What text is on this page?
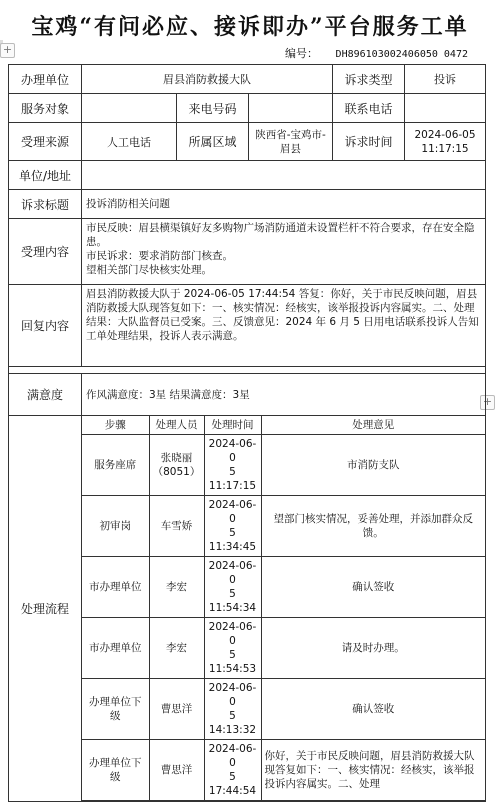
宝鸡“有问必应、接诉即办”平台服务工单
编号： DH896103002406050 0472
+
+
办理单位	眉县消防救援大队	诉求类型	投诉
服务对象		来电号码		联系电话	
受理来源	人工电话	所属区域	陕西省-宝鸡市-眉县	诉求时间	2024-06-05 11:17:15
单位/地址	
诉求标题	投诉消防相关问题
受理内容	市民反映：眉县横渠镇好友多购物广场消防通道未设置栏杆不符合要求，存在安全隐患。
市民诉求：要求消防部门核查。
望相关部门尽快核实处理。
回复内容	眉县消防救援大队于 2024-06-05 17:44:54 答复：你好，关于市民反映问题，眉县消防救援大队现答复如下：一、核实情况：经核实，该举报投诉内容属实。二、处理结果：大队监督员已受案。三、反馈意见：2024 年 6 月 5 日用电话联系投诉人告知工单处理结果，投诉人表示满意。

满意度	作风满意度：3星 结果满意度：3星
处理流程	
步骤	处理人员	处理时间	处理意见
服务座席	张晓丽（8051）	2024-06-0
5
11:17:15	市消防支队
初审岗	车雪娇	2024-06-0
5
11:34:45	望部门核实情况，妥善处理，并添加群众反馈。
市办理单位	李宏	2024-06-0
5
11:54:34	确认签收
市办理单位	李宏	2024-06-0
5
11:54:53	请及时办理。
办理单位下级	曹思洋	2024-06-0
5
14:13:32	确认签收
办理单位下级	曹思洋	2024-06-0
5
17:44:54	你好，关于市民反映问题，眉县消防救援大队现答复如下：一、核实情况：经核实，该举报投诉内容属实。二、处理
